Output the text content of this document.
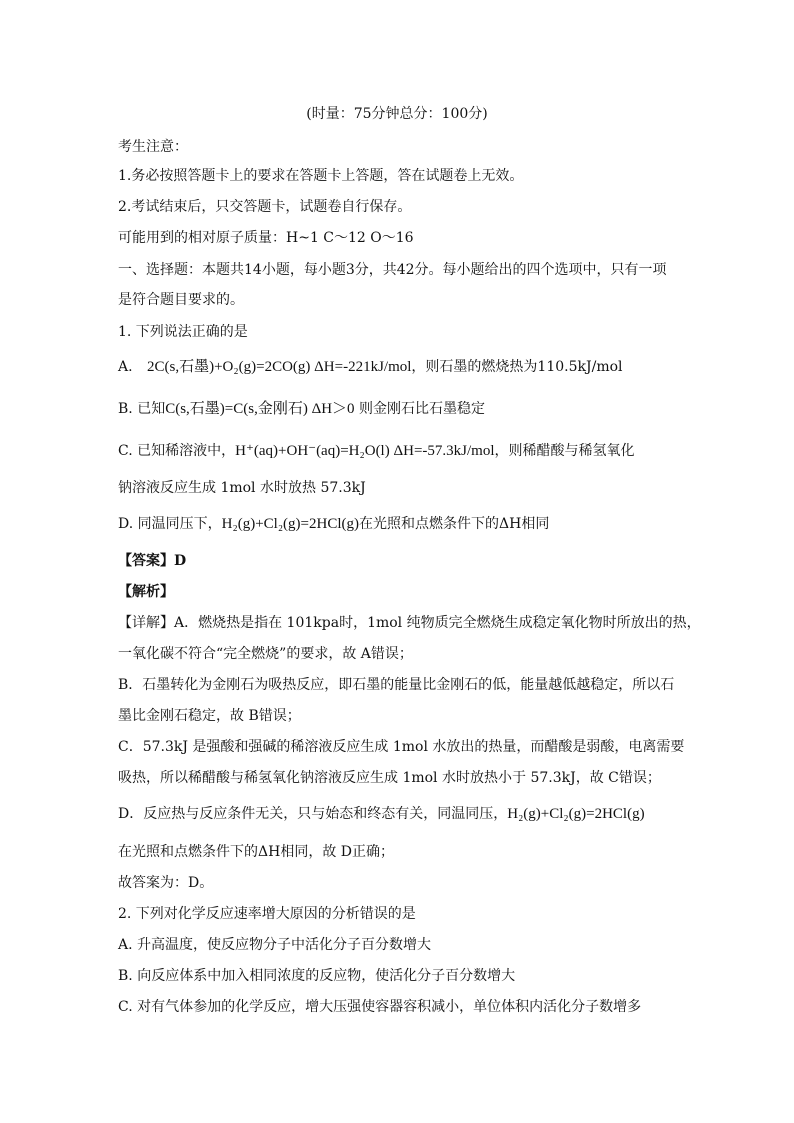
(时量：75分钟总分：100分)
考生注意：
1.务必按照答题卡上的要求在答题卡上答题，答在试题卷上无效。
2.考试结束后，只交答题卡，试题卷自行保存。
可能用到的相对原子质量：H~1 C～12 O～16
一、选择题：本题共14小题，每小题3分，共42分。每小题给出的四个选项中，只有一项
是符合题目要求的。
1. 下列说法正确的是
A. 2C(s,石墨)+O₂(g)=2CO(g) ΔH=-221kJ/mol，则石墨的燃烧热为110.5kJ/mol
B. 已知C(s,石墨)=C(s,金刚石) ΔH＞0 则金刚石比石墨稳定
C. 已知稀溶液中，H⁺(aq)+OH⁻(aq)=H₂O(l) ΔH=-57.3kJ/mol，则稀醋酸与稀氢氧化
钠溶液反应生成 1mol 水时放热 57.3kJ
D. 同温同压下，H₂(g)+Cl₂(g)=2HCl(g)在光照和点燃条件下的ΔH相同
【答案】D
【解析】
【详解】A．燃烧热是指在 101kpa时，1mol 纯物质完全燃烧生成稳定氧化物时所放出的热，
一氧化碳不符合“完全燃烧”的要求，故 A错误；
B．石墨转化为金刚石为吸热反应，即石墨的能量比金刚石的低，能量越低越稳定，所以石
墨比金刚石稳定，故 B错误；
C．57.3kJ 是强酸和强碱的稀溶液反应生成 1mol 水放出的热量，而醋酸是弱酸，电离需要
吸热，所以稀醋酸与稀氢氧化钠溶液反应生成 1mol 水时放热小于 57.3kJ，故 C错误；
D．反应热与反应条件无关，只与始态和终态有关，同温同压，H₂(g)+Cl₂(g)=2HCl(g)
在光照和点燃条件下的ΔH相同，故 D正确；
故答案为：D。
2. 下列对化学反应速率增大原因的分析错误的是
A. 升高温度，使反应物分子中活化分子百分数增大
B. 向反应体系中加入相同浓度的反应物，使活化分子百分数增大
C. 对有气体参加的化学反应，增大压强使容器容积减小，单位体积内活化分子数增多
